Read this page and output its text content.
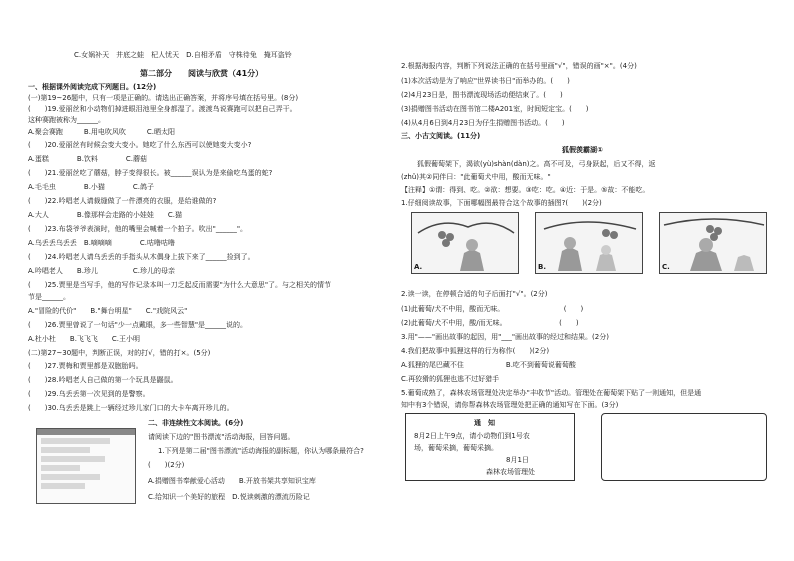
C.女娲补天　井底之蛙　杞人忧天　D.自相矛盾　守株待兔　掩耳盗铃
第二部分　　阅读与欣赏（41分）
一、根据课外阅读完成下列题目。(12分)
(一)第19~26题中，只有一项是正确的。请选出正确答案，并将序号填在括号里。(8分)
(　　)19.爱丽丝和小动物们掉进眼泪池里全身都湿了。渡渡鸟说赛跑可以把自己弄干。
这种赛跑被称为______。
A.聚会赛跑　　　B.用电吹风吹　　　C.晒太阳
(　　)20.爱丽丝有时候会变大变小。她吃了什么东西可以使她变大变小?
A.蛋糕　　　　B.饮料　　　　C.蘑菇
(　　)21.爱丽丝吃了蘑菇，脖子变得很长。被______误认为是来偷吃鸟蛋的蛇?
A.毛毛虫　　　　B.小猫　　　　C.鸽子
(　　)22.吟唱老人请裁缝做了一件漂亮的衣服，是给谁做的?
A.大人　　　　B.像那样会走路的小娃娃　　C.猫
(　　)23.布袋爷爷表演时，他的嘴里会喊着一个拍子。吹出"______"。
A.乌丢丢乌丢丢　B.嘀嘀嘀　　　　C.咕噜咕噜
(　　)24.吟唱老人请乌丢丢的手指头从木偶身上拔下来了______捡到了。
A.吟唱老人　　B.珍儿　　　　　C.珍儿的母亲
(　　)25.贾里是当写手，他的写作记录本叫一刀乏起反而需要"为什么大意思"了。与之相关的情节
节是______。
A."冒险的代价"　　B."舞台明星"　　C."戏院风云"
(　　)26.贾里曾说了一句话"少一点戴眼，多一些智慧"是______说的。
A.杜小杜　　B.飞飞飞　　C.王小明
(二)第27~30题中，判断正误，对的打√，错的打×。(5分)
(　　)27.贾梅和贾里都是双胞胎吗。
(　　)28.吟唱老人自己做的第一个玩具是鼹鼠。
(　　)29.乌丢丢第一次见到的是警察。
(　　)30.乌丢丢是跳上一辆经过珍儿家门口的大卡车离开珍儿的。
二、非连续性文本阅读。(6分)
请阅读下边的"图书漂流"活动海报，回答问题。
1.下列是第二届"图书漂流"活动海报的副标题，你认为哪条最符合?
(　　)(2分)
A.捐赠图书奉献爱心活动　　B.开放书架共享知识宝库
C.给知识一个美好的旅程　D.悦读刺激的漂流历险记
2.根据海报内容，判断下列说法正确的在括号里画"√"，错误的画"×"。(4分)
(1)本次活动是为了响应"世界读书日"而举办的。(　　)
(2)4月23日是，图书漂流现场活动便结束了。(　　)
(3)捐赠图书活动在图书馆二楼A201室，时间短定宝。(　　)
(4)从4月6日到4月23日为仔生捐赠图书活动。(　　)
三、小古文阅读。(11分)
狐假羡霸湖①
狐假葡萄架下，渴欲(yù)shàn(dàn)之。高不可及，弓身跃起，后又不得，返
(zhǔ)其②同伴曰："此葡萄犬中用，酸而无味。"
【注释】①谓：得到、吃。②欲：想要。③吃：吃。④近：于是。⑤故：不能吃。
1.仔细阅读故事，下面哪幅图最符合这个故事的插图?(　　)(2分)
A.	B.	C.
2.读一读，在停顿合适的句子后面打"√"。(2分)
(1)此葡萄/犬不中用，酸而无味。　　　　　　　　　(　　)
(2)此葡萄/犬不中用，酸/而无味。　　　　　　　　(　　)
3.用"——"画出故事的起因，用"___"画出故事的经过和结果。(2分)
4.我们把故事中狐狸这样的行为称作(　　)(2分)
A.狐狸的尾巴藏不住　　　　　　B.吃不到葡萄说葡萄酸
C.再狡猾的狐狸也逃不过好猎手
5.葡萄成熟了，森林农场管理处决定举办"丰收节"活动。管理处在葡萄架下贴了一则通知，但是通
知中有3个错误，请你帮森林农场管理处把正确的通知写在下面。(3分)
通　知
8月2日上午9点，请小动物们到1号农
场，葡萄采摘，葡萄采摘。
8月1日
森林农场管理处
